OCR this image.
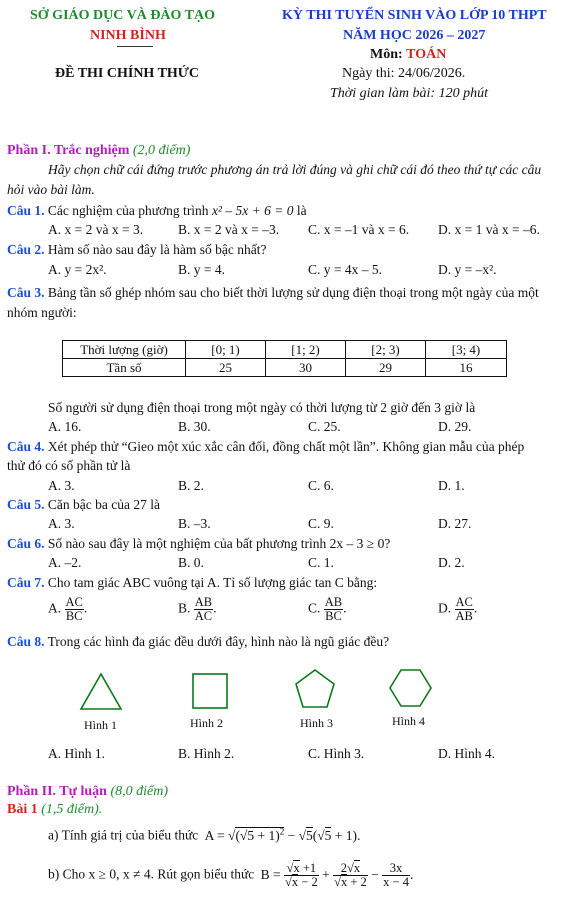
SỞ GIÁO DỤC VÀ ĐÀO TẠO
NINH BÌNH
KỲ THI TUYỂN SINH VÀO LỚP 10 THPT
NĂM HỌC 2026 – 2027
Môn: TOÁN
ĐỀ THI CHÍNH THỨC	Ngày thi: 24/06/2026.
Thời gian làm bài: 120 phút
Phần I. Trắc nghiệm (2,0 điểm)
Hãy chọn chữ cái đứng trước phương án trả lời đúng và ghi chữ cái đó theo thứ tự các câu
hỏi vào bài làm.
Câu 1. Các nghiệm của phương trình x² – 5x + 6 = 0 là
A. x = 2 và x = 3.	B. x = 2 và x = –3. C. x = –1 và x = 6. D. x = 1 và x = –6.
Câu 2. Hàm số nào sau đây là hàm số bậc nhất?
A. y = 2x².	B. y = 4.	C. y = 4x – 5.	D. y = –x².
Câu 3. Bảng tần số ghép nhóm sau cho biết thời lượng sử dụng điện thoại trong một ngày của một
nhóm người:
Thời lượng (giờ)	[0; 1)	[1; 2)	[2; 3)	[3; 4)
Tần số	25	30	29	16
Số người sử dụng điện thoại trong một ngày có thời lượng từ 2 giờ đến 3 giờ là
A. 16.	B. 30.	C. 25.	D. 29.
Câu 4. Xét phép thử “Gieo một xúc xắc cân đối, đồng chất một lần”. Không gian mẫu của phép
thử đó có số phần tử là
A. 3.	B. 2.	C. 6.	D. 1.
Câu 5. Căn bậc ba của 27 là
A. 3.	B. –3.	C. 9.	D. 27.
Câu 6. Số nào sau đây là một nghiệm của bất phương trình 2x – 3 ≥ 0?
A. –2.	B. 0.	C. 1.	D. 2.
Câu 7. Cho tam giác ABC vuông tại A. Tỉ số lượng giác tan C bằng:
A. $\frac{AC}{BC}$ .	B. $\frac{AB}{AC}$ .	C. $\frac{AB}{BC}$ .	D. $\frac{AC}{AB}$ .
Câu 8. Trong các hình đa giác đều dưới đây, hình nào là ngũ giác đều?
Hình 1	Hình 2	Hình 3	Hình 4
A. Hình 1.	B. Hình 2.	C. Hình 3.	D. Hình 4.
Phần II. Tự luận (8,0 điểm)
Bài 1 (1,5 điểm).
a) Tính giá trị của biểu thức $A = √(√5 + 1)^2 - √5(√5 + 1)$.
b) Cho x ≥ 0, x ≠ 4. Rút gọn biểu thức $B = \frac{√x +1}{√x - 2} + \frac{2√x}{√x + 2} - \frac{3x}{x - 4}$ .
